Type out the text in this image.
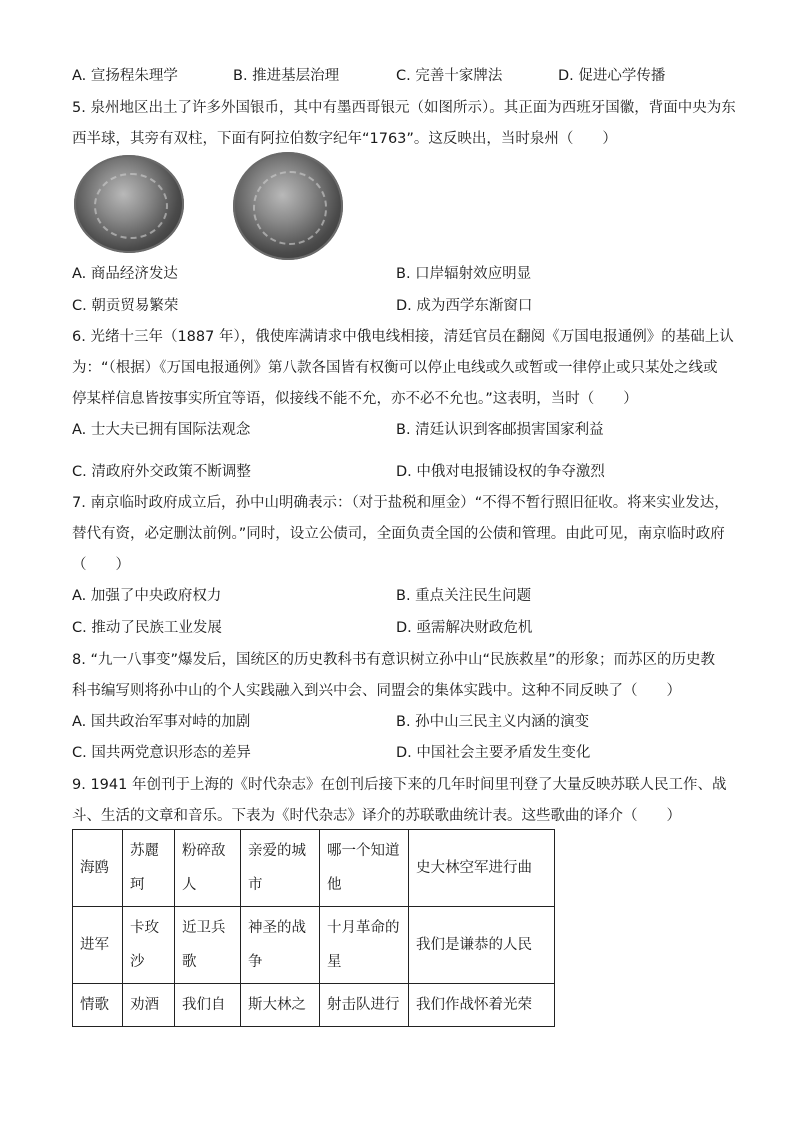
A. 宣扬程朱理学	B. 推进基层治理	C. 完善十家牌法	D. 促进心学传播
5. 泉州地区出土了许多外国银币，其中有墨西哥银元（如图所示）。其正面为西班牙国徽，背面中央为东
西半球，其旁有双柱，下面有阿拉伯数字纪年“1763”。这反映出，当时泉州（　　）
A. 商品经济发达	B. 口岸辐射效应明显
C. 朝贡贸易繁荣	D. 成为西学东渐窗口
6. 光绪十三年（1887 年），俄使库满请求中俄电线相接，清廷官员在翻阅《万国电报通例》的基础上认
为：“（根据）《万国电报通例》第八款各国皆有权衡可以停止电线或久或暂或一律停止或只某处之线或
停某样信息皆按事实所宜等语，似接线不能不允，亦不必不允也。”这表明，当时（　　）
A. 士大夫已拥有国际法观念	B. 清廷认识到客邮损害国家利益
C. 清政府外交政策不断调整	D. 中俄对电报铺设权的争夺激烈
7. 南京临时政府成立后，孙中山明确表示：（对于盐税和厘金）“不得不暂行照旧征收。将来实业发达，
替代有资，必定删汰前例。”同时，设立公债司，全面负责全国的公债和管理。由此可见，南京临时政府
（　　）
A. 加强了中央政府权力	B. 重点关注民生问题
C. 推动了民族工业发展	D. 亟需解决财政危机
8. “九一八事变”爆发后，国统区的历史教科书有意识树立孙中山“民族救星”的形象；而苏区的历史教
科书编写则将孙中山的个人实践融入到兴中会、同盟会的集体实践中。这种不同反映了（　　）
A. 国共政治军事对峙的加剧	B. 孙中山三民主义内涵的演变
C. 国共两党意识形态的差异	D. 中国社会主要矛盾发生变化
9. 1941 年创刊于上海的《时代杂志》在创刊后接下来的几年时间里刊登了大量反映苏联人民工作、战
斗、生活的文章和音乐。下表为《时代杂志》译介的苏联歌曲统计表。这些歌曲的译介（　　）
海鸥	苏麗珂	粉碎敌人	亲爱的城市	哪一个知道他	史大林空军进行曲
进军	卡玫沙	近卫兵歌	神圣的战争	十月革命的星	我们是谦恭的人民
情歌	劝酒	我们自	斯大林之	射击队进行	我们作战怀着光荣
